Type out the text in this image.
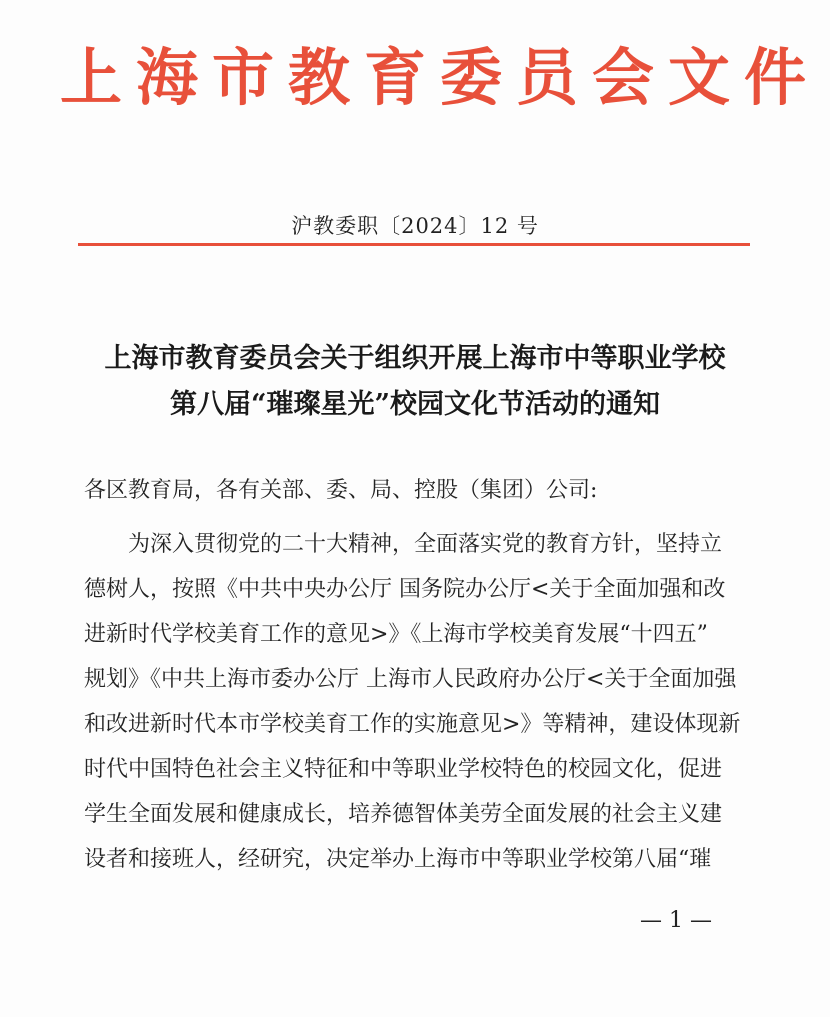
上海市教育委员会文件
沪教委职〔2024〕12 号
上海市教育委员会关于组织开展上海市中等职业学校
第八届“璀璨星光”校园文化节活动的通知
各区教育局，各有关部、委、局、控股（集团）公司:
　　为深入贯彻党的二十大精神，全面落实党的教育方针，坚持立
德树人，按照《中共中央办公厅 国务院办公厅<关于全面加强和改
进新时代学校美育工作的意见>》《上海市学校美育发展“十四五”
规划》《中共上海市委办公厅 上海市人民政府办公厅<关于全面加强
和改进新时代本市学校美育工作的实施意见>》等精神，建设体现新
时代中国特色社会主义特征和中等职业学校特色的校园文化，促进
学生全面发展和健康成长，培养德智体美劳全面发展的社会主义建
设者和接班人，经研究，决定举办上海市中等职业学校第八届“璀
— 1 —
